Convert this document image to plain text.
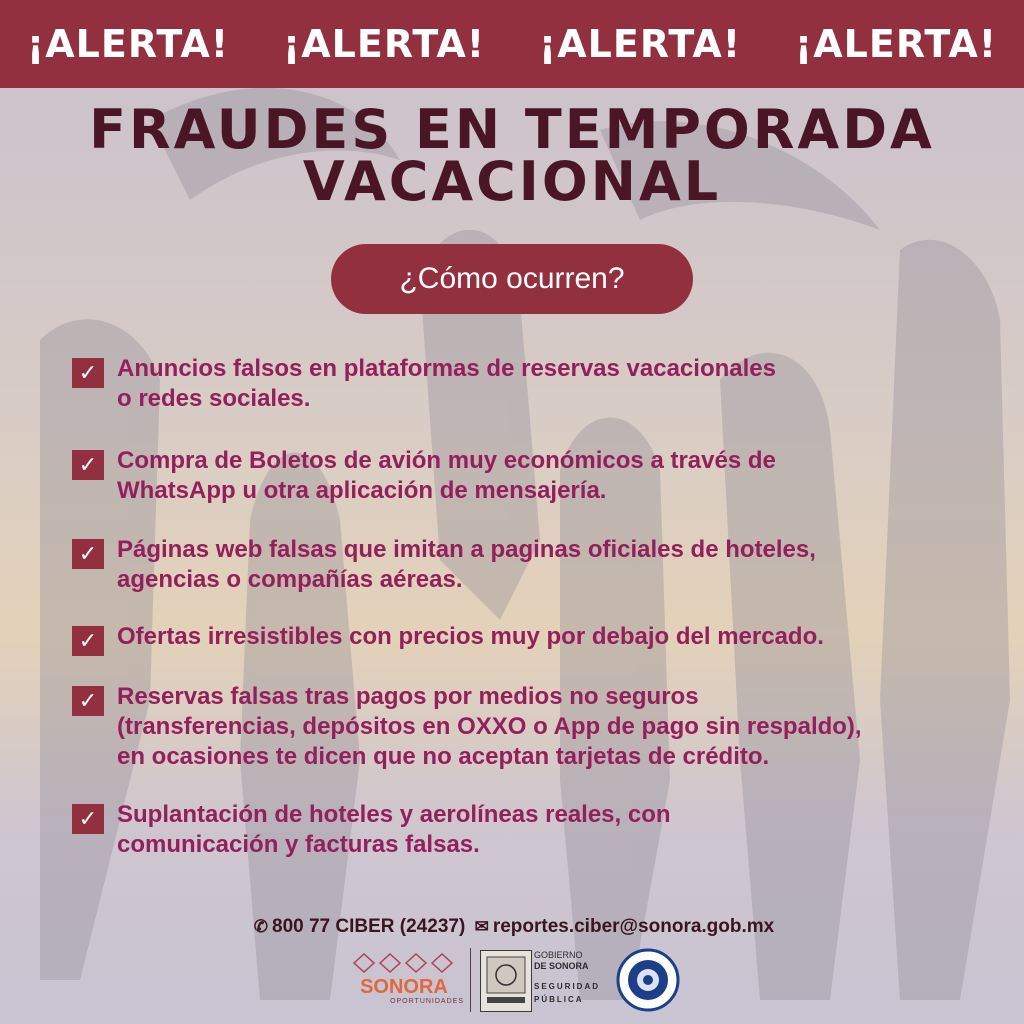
¡ALERTA! ¡ALERTA! ¡ALERTA! ¡ALERTA!
FRAUDES EN TEMPORADA
VACACIONAL
¿Cómo ocurren?
✓ Anuncios falsos en plataformas de reservas vacacionales
o redes sociales.
✓ Compra de Boletos de avión muy económicos a través de
WhatsApp u otra aplicación de mensajería.
✓ Páginas web falsas que imitan a paginas oficiales de hoteles,
agencias o compañías aéreas.
✓ Ofertas irresistibles con precios muy por debajo del mercado.
✓ Reservas falsas tras pagos por medios no seguros
(transferencias, depósitos en OXXO o App de pago sin respaldo),
en ocasiones te dicen que no aceptan tarjetas de crédito.
✓ Suplantación de hoteles y aerolíneas reales, con
comunicación y facturas falsas.
✆ 800 77 CIBER (24237) ✉ reportes.ciber@sonora.gob.mx
SONORA
OPORTUNIDADES
GOBIERNO
DE SONORA
SEGURIDAD
PÚBLICA
